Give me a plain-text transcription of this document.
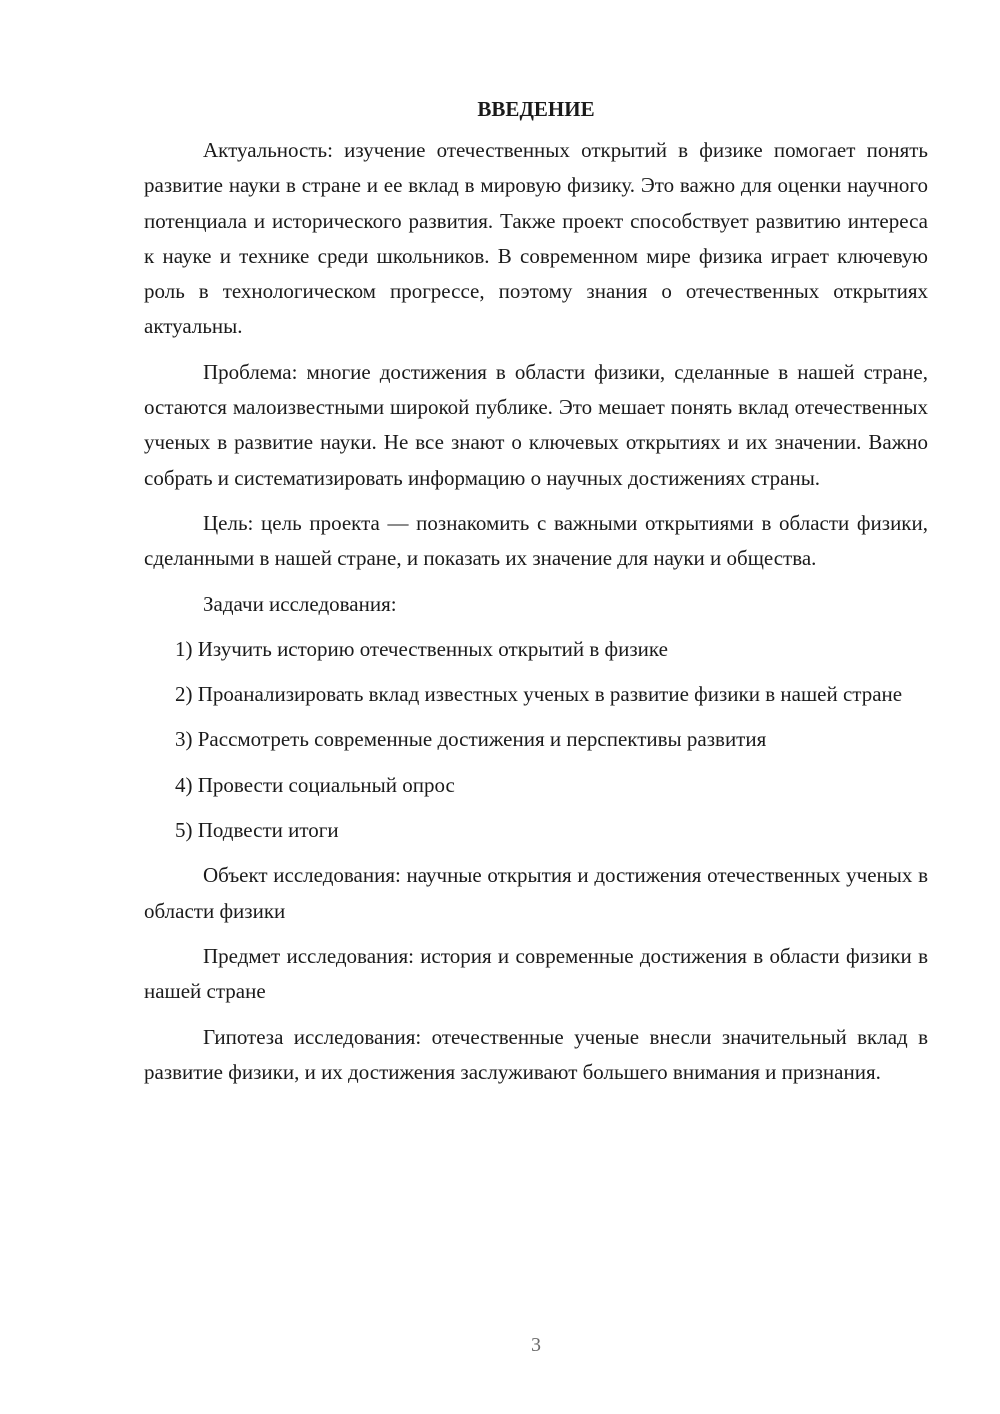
ВВЕДЕНИЕ

Актуальность: изучение отечественных открытий в физике помогает понять развитие науки в стране и ее вклад в мировую физику. Это важно для оценки научного потенциала и исторического развития. Также проект способствует развитию интереса к науке и технике среди школьников. В современном мире физика играет ключевую роль в технологическом прогрессе, поэтому знания о отечественных открытиях актуальны.

Проблема: многие достижения в области физики, сделанные в нашей стране, остаются малоизвестными широкой публике. Это мешает понять вклад отечественных ученых в развитие науки. Не все знают о ключевых открытиях и их значении. Важно собрать и систематизировать информацию о научных достижениях страны.

Цель: цель проекта — познакомить с важными открытиями в области физики, сделанными в нашей стране, и показать их значение для науки и общества.

Задачи исследования:

1) Изучить историю отечественных открытий в физике

2) Проанализировать вклад известных ученых в развитие физики в нашей стране

3) Рассмотреть современные достижения и перспективы развития

4) Провести социальный опрос

5) Подвести итоги

Объект исследования: научные открытия и достижения отечественных ученых в области физики

Предмет исследования: история и современные достижения в области физики в нашей стране

Гипотеза исследования: отечественные ученые внесли значительный вклад в развитие физики, и их достижения заслуживают большего внимания и признания.

3
